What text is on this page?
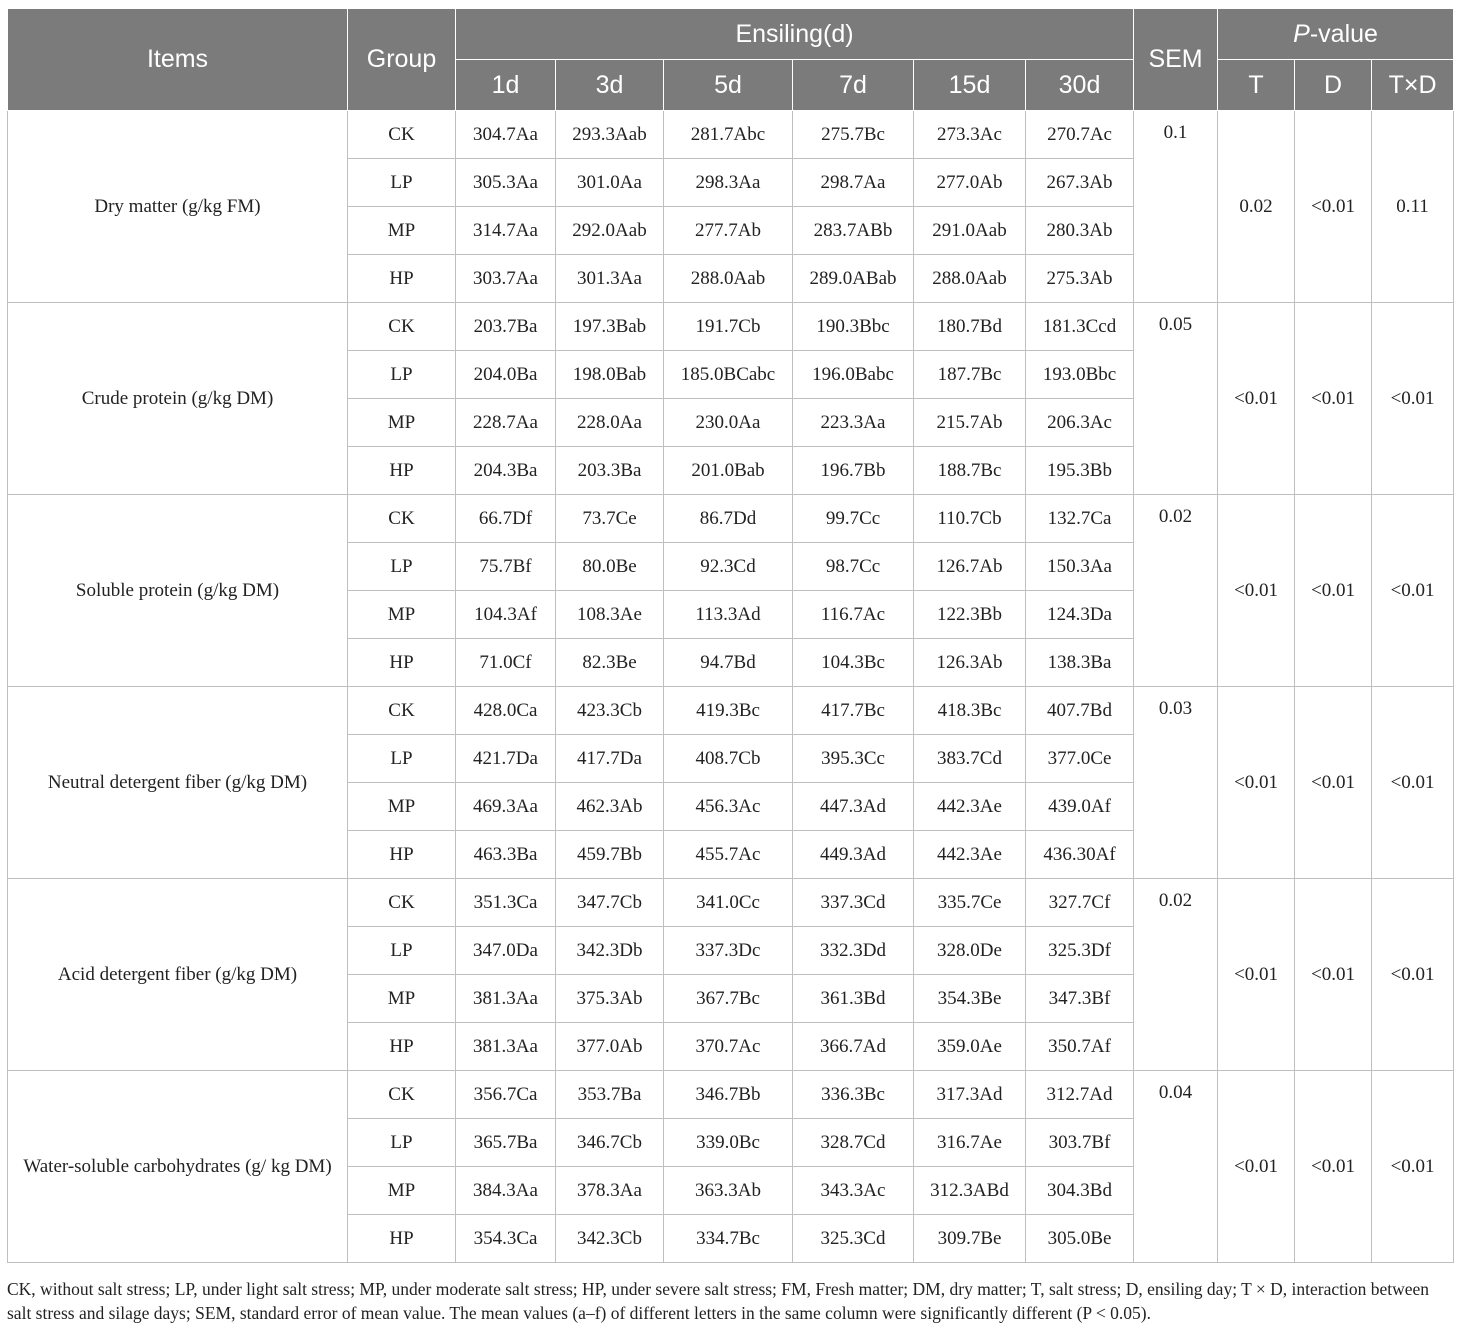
Items	Group	Ensiling(d)						SEM	P-value		
		1d	3d	5d	7d	15d	30d		T	D	T×D
Dry matter (g/kg FM)	CK	304.7Aa	293.3Aab	281.7Abc	275.7Bc	273.3Ac	270.7Ac	0.1	0.02	<0.01	0.11
	LP	305.3Aa	301.0Aa	298.3Aa	298.7Aa	277.0Ab	267.3Ab				
	MP	314.7Aa	292.0Aab	277.7Ab	283.7ABb	291.0Aab	280.3Ab				
	HP	303.7Aa	301.3Aa	288.0Aab	289.0ABab	288.0Aab	275.3Ab				
Crude protein (g/kg DM)	CK	203.7Ba	197.3Bab	191.7Cb	190.3Bbc	180.7Bd	181.3Ccd	0.05	<0.01	<0.01	<0.01
	LP	204.0Ba	198.0Bab	185.0BCabc	196.0Babc	187.7Bc	193.0Bbc				
	MP	228.7Aa	228.0Aa	230.0Aa	223.3Aa	215.7Ab	206.3Ac				
	HP	204.3Ba	203.3Ba	201.0Bab	196.7Bb	188.7Bc	195.3Bb				
Soluble protein (g/kg DM)	CK	66.7Df	73.7Ce	86.7Dd	99.7Cc	110.7Cb	132.7Ca	0.02	<0.01	<0.01	<0.01
	LP	75.7Bf	80.0Be	92.3Cd	98.7Cc	126.7Ab	150.3Aa				
	MP	104.3Af	108.3Ae	113.3Ad	116.7Ac	122.3Bb	124.3Da				
	HP	71.0Cf	82.3Be	94.7Bd	104.3Bc	126.3Ab	138.3Ba				
Neutral detergent fiber (g/kg DM)	CK	428.0Ca	423.3Cb	419.3Bc	417.7Bc	418.3Bc	407.7Bd	0.03	<0.01	<0.01	<0.01
	LP	421.7Da	417.7Da	408.7Cb	395.3Cc	383.7Cd	377.0Ce				
	MP	469.3Aa	462.3Ab	456.3Ac	447.3Ad	442.3Ae	439.0Af				
	HP	463.3Ba	459.7Bb	455.7Ac	449.3Ad	442.3Ae	436.30Af				
Acid detergent fiber (g/kg DM)	CK	351.3Ca	347.7Cb	341.0Cc	337.3Cd	335.7Ce	327.7Cf	0.02	<0.01	<0.01	<0.01
	LP	347.0Da	342.3Db	337.3Dc	332.3Dd	328.0De	325.3Df				
	MP	381.3Aa	375.3Ab	367.7Bc	361.3Bd	354.3Be	347.3Bf				
	HP	381.3Aa	377.0Ab	370.7Ac	366.7Ad	359.0Ae	350.7Af				
Water-soluble carbohydrates (g/ kg DM)	CK	356.7Ca	353.7Ba	346.7Bb	336.3Bc	317.3Ad	312.7Ad	0.04	<0.01	<0.01	<0.01
	LP	365.7Ba	346.7Cb	339.0Bc	328.7Cd	316.7Ae	303.7Bf				
	MP	384.3Aa	378.3Aa	363.3Ab	343.3Ac	312.3ABd	304.3Bd				
	HP	354.3Ca	342.3Cb	334.7Bc	325.3Cd	309.7Be	305.0Be				
CK, without salt stress; LP, under light salt stress; MP, under moderate salt stress; HP, under severe salt stress; FM, Fresh matter; DM, dry matter; T, salt stress; D, ensiling day; T × D, interaction between salt stress and silage days; SEM, standard error of mean value. The mean values (a–f) of different letters in the same column were significantly different (P < 0.05).
